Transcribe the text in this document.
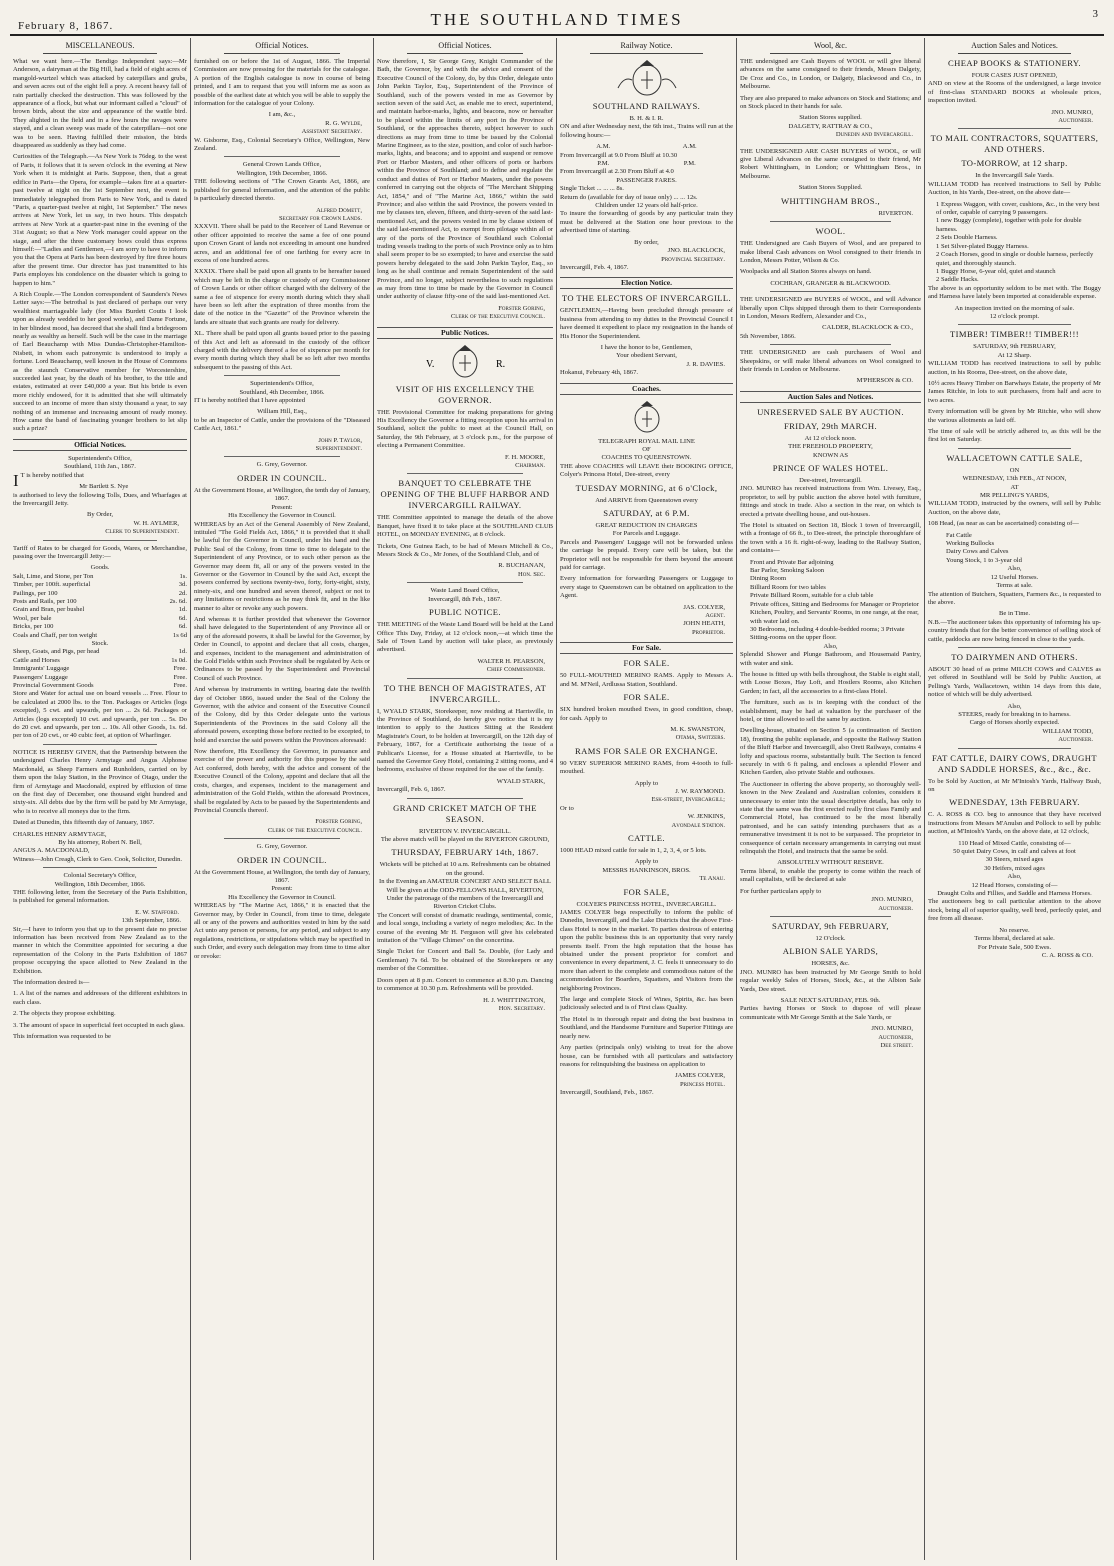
February 8, 1867.	THE SOUTHLAND TIMES	3
MISCELLANEOUS.

What we want here.—The Bendigo Independent says:—Mr Anderson, a dairyman at the Big Hill, had a field of eight acres of mangold-wurtzel which was attacked by caterpillars and grubs, and seven acres out of the eight fell a prey. A recent heavy fall of rain partially checked the destruction. This was followed by the appearance of a flock, but what our informant called a "cloud" of brown birds, about the size and appearance of the wattle bird. They alighted in the field and in a few hours the ravages were stayed, and a clean sweep was made of the caterpillars—not one was to be seen. Having fulfilled their mission, the birds disappeared as suddenly as they had come.

Curiosities of the Telegraph.—As New York is 76deg. to the west of Paris, it follows that it is seven o'clock in the evening at New York when it is midnight at Paris. Suppose, then, that a great edifice in Paris—the Opera, for example—takes fire at a quarter-past twelve at night on the 1st September next, the event is immediately telegraphed from Paris to New York, and is dated "Paris, a quarter-past twelve at night, 1st September." The news arrives at New York, let us say, in two hours. This despatch arrives at New York at a quarter-past nine in the evening of the 31st August; so that a New York manager could appear on the stage, and after the three customary bows could thus express himself:—"Ladies and Gentlemen,—I am sorry to have to inform you that the Opera at Paris has been destroyed by fire three hours after the present time. Our director has just transmitted to his Paris employes his condolence on the disaster which is going to happen to him."

A Rich Couple.—The London correspondent of Saunders's News Letter says:—The betrothal is just declared of perhaps our very wealthiest marriageable lady (for Miss Burdett Coutts I look upon as already wedded to her good works), and Dame Fortune, in her blindest mood, has decreed that she shall find a bridegroom nearly as wealthy as herself. Such will be the case in the marriage of Earl Beauchamp with Miss Dundas-Christopher-Hamilton-Nisbett, in whom each patronymic is understood to imply a fortune. Lord Beauchamp, well known in the House of Commons as the staunch Conservative member for Worcestershire, succeeded last year, by the death of his brother, to the title and estates, estimated at over £40,000 a year. But his bride is even more richly endowed, for it is admitted that she will ultimately succeed to an income of more than sixty thousand a year, to say nothing of an immense and increasing amount of ready money. How came the band of fascinating younger brothers to let slip such a prize?

Official Notices.
Superintendent's Office,
Southland, 11th Jan., 1867.

I T is hereby notified that

Mr Bartlett S. Nye

is authorised to levy the following Tolls, Dues, and Wharfages at the Invercargill Jetty.

By Order,
W. H. AYLMER,
Clerk to Superintendent.

Tariff of Rates to be charged for Goods, Wares, or Merchandise, passing over the Invercargill Jetty:—

Goods.
Salt, Lime, and Stone, per Ton	1s.
Timber, per 100ft. superficial	3d.
Pailings, per 100	2d.
Posts and Rails, per 100	2s. 6d.
Grain and Bran, per bushel	1d.
Wool, per bale	6d.
Bricks, per 100	6d.
Coals and Chaff, per ton weight	1s 6d
Stock.
Sheep, Goats, and Pigs, per head	1d.
Cattle and Horses	1s 0d.
Immigrants' Luggage	Free.
Passengers' Luggage	Free.
Provincial Government Goods	Free.

Store and Water for actual use on board vessels ... Free. Flour to be calculated at 2000 lbs. to the Ton. Packages or Articles (logs excepted), 5 cwt. and upwards, per ton ... 2s 6d. Packages or Articles (logs excepted) 10 cwt. and upwards, per ton ... 5s. Do do 20 cwt. and upwards, per ton ... 10s. All other Goods, 1s. 6d. per ton of 20 cwt., or 40 cubic feet, at option of Wharfinger.

NOTICE IS HEREBY GIVEN, that the Partnership between the undersigned Charles Henry Armytage and Angus Alphonse Macdonald, as Sheep Farmers and Runholders, carried on by them upon the Islay Station, in the Province of Otago, under the firm of Armytage and Macdonald, expired by effluxion of time on the first day of December, one thousand eight hundred and sixty-six. All debts due by the firm will be paid by Mr Armytage, who is to receive all moneys due to the firm.

Dated at Dunedin, this fifteenth day of January, 1867.

CHARLES HENRY ARMYTAGE,
By his attorney, Robert N. Bell,
ANGUS A. MACDONALD,

Witness—John Creagh, Clerk to Geo. Cook, Solicitor, Dunedin.

Colonial Secretary's Office,
Wellington, 18th December, 1866.

THE following letter, from the Secretary of the Paris Exhibition, is published for general information.

E. W. Stafford.
13th September, 1866.

Sir,—I have to inform you that up to the present date no precise information has been received from New Zealand as to the manner in which the Committee appointed for securing a due representation of the Colony in the Paris Exhibition of 1867 propose occupying the space allotted to New Zealand in the Exhibition.

The information desired is—

1. A list of the names and addresses of the different exhibitors in each class.

2. The objects they propose exhibiting.

3. The amount of space in superficial feet occupied in each glass.

This information was requested to be

Official Notices.

furnished on or before the 1st of August, 1866. The Imperial Commission are now pressing for the materials for the catalogue. A portion of the English catalogue is now in course of being printed, and I am to request that you will inform me as soon as possible of the earliest date at which you will be able to supply the information for the catalogue of your Colony.

I am, &c.,
R. G. Wylde,
Assistant Secretary.

W. Gisborne, Esq., Colonial Secretary's Office, Wellington, New Zealand.

General Crown Lands Office,
Wellington, 19th December, 1866.

THE following sections of "The Crown Grants Act, 1866, are published for general information, and the attention of the public is particularly directed thereto.

Alfred Domett,
Secretary for Crown Lands.

XXXVII. There shall be paid to the Receiver of Land Revenue or other officer appointed to receive the same a fee of one pound upon Crown Grant of lands not exceeding in amount one hundred acres, and an additional fee of one farthing for every acre in excess of one hundred acres.

XXXIX. There shall be paid upon all grants to be hereafter issued which may be left in the charge or custody of any Commissioner of Crown Lands or other officer charged with the delivery of the same a fee of sixpence for every month during which they shall have been so left after the expiration of three months from the date of the notice in the "Gazette" of the Province wherein the lands are situate that such grants are ready for delivery.

XL. There shall be paid upon all grants issued prior to the passing of this Act and left as aforesaid in the custody of the officer charged with the delivery thereof a fee of sixpence per month for every month during which they shall be so left after two months subsequent to the passing of this Act.

Superintendent's Office,
Southland, 4th December, 1866.

IT is hereby notified that I have appointed

William Hill, Esq.,

to be an Inspector of Cattle, under the provisions of the "Diseased Cattle Act, 1861."

John P. Taylor,
Superintendent.
G. Grey, Governor.
ORDER IN COUNCIL.
At the Government House, at Wellington, the tenth day of January, 1867.
Present:
His Excellency the Governor in Council.

WHEREAS by an Act of the General Assembly of New Zealand, intituled "The Gold Fields Act, 1866," it is provided that it shall be lawful for the Governor in Council, under his hand and the Public Seal of the Colony, from time to time to delegate to the Superintendent of any Province, or to such other person as the Governor may deem fit, all or any of the powers vested in the Governor or the Governor in Council by the said Act, except the powers conferred by sections twenty-two, forty, forty-eight, sixty, ninety-six, and one hundred and seven thereof, subject or not to any limitations or restrictions as he may think fit, and in the like manner to alter or revoke any such powers.

And whereas it is further provided that whenever the Governor shall have delegated to the Superintendent of any Province all or any of the aforesaid powers, it shall be lawful for the Governor, by Order in Council, to appoint and declare that all costs, charges, and expenses, incident to the management and administration of the Gold Fields within such Province shall be regulated by Acts or Ordinances to be passed by the Superintendent and Provincial Council of such Province.

And whereas by instruments in writing, bearing date the twelfth day of October 1866, issued under the Seal of the Colony the Governor, with the advice and consent of the Executive Council of the Colony, did by this Order delegate unto the various Superintendents of the Provinces in the said Colony all the aforesaid powers, excepting those before recited to be excepted, to hold and exercise the said powers within the Provinces aforesaid:

Now therefore, His Excellency the Governor, in pursuance and exercise of the power and authority for this purpose by the said Act conferred, doth hereby, with the advice and consent of the Executive Council of the Colony, appoint and declare that all the costs, charges, and expenses, incident to the management and administration of the Gold Fields, within the aforesaid Provinces, shall be regulated by Acts to be passed by the Superintendents and Provincial Councils thereof.

Forster Goring,
Clerk of the Executive Council.
G. Grey, Governor.
ORDER IN COUNCIL.
At the Government House, at Wellington, the tenth day of January, 1867.
Present:
His Excellency the Governor in Council.

WHEREAS by "The Marine Act, 1866," it is enacted that the Governor may, by Order in Council, from time to time, delegate all or any of the powers and authorities vested in him by the said Act unto any person or persons, for any period, and subject to any regulations, restrictions, or stipulations which may be specified in such Order, and every such delegation may from time to time alter or revoke:

Official Notices.

Now therefore, I, Sir George Grey, Knight Commander of the Bath, the Governor, by and with the advice and consent of the Executive Council of the Colony, do, by this Order, delegate unto John Parkin Taylor, Esq., Superintendent of the Province of Southland, such of the powers vested in me as Governor by section seven of the said Act, as enable me to erect, superintend, and maintain harbor-marks, lights, and beacons, now or hereafter to be placed within the limits of any port in the Province of Southland, or the approaches thereto, subject however to such directions as may from time to time be issued by the Colonial Marine Engineer, as to the size, position, and color of such harbor-marks, lights, and beacons; and to appoint and suspend or remove Port or Harbor Masters, and other officers of ports or harbors within the Province of Southland; and to define and regulate the conduct and duties of Port or Harbor Masters, under the powers conferred in carrying out the objects of "The Merchant Shipping Act, 1854," and of "The Marine Act, 1866," within the said Province; and also within the said Province, the powers vested in me by clauses ten, eleven, fifteen, and thirty-seven of the said last-mentioned Act, and the powers vested in me by clause sixteen of the said last-mentioned Act, to exempt from pilotage within all or any of the ports of the Province of Southland such Colonial trading vessels trading to the ports of such Province only as to him shall seem proper to be so exempted; to have and exercise the said powers hereby delegated to the said John Parkin Taylor, Esq., so long as he shall continue and remain Superintendent of the said Province, and no longer, subject nevertheless to such regulations as may from time to time be made by the Governor in Council under authority of clause fifty-one of the said last-mentioned Act.

Forster Goring,
Clerk of the Executive Council.
Public Notices.
V.	R.
VISIT OF HIS EXCELLENCY THE GOVERNOR.

THE Provisional Committee for making preparations for giving His Excellency the Governor a fitting reception upon his arrival in Southland, solicit the public to meet at the Council Hall, on Saturday, the 9th February, at 3 o'clock p.m., for the purpose of electing a Permanent Committee.

F. H. MOORE,
Chairman.
BANQUET TO CELEBRATE THE OPENING OF THE BLUFF HARBOR AND INVERCARGILL RAILWAY.

THE Committee appointed to manage the details of the above Banquet, have fixed it to take place at the SOUTHLAND CLUB HOTEL, on MONDAY EVENING, at 8 o'clock.

Tickets, One Guinea Each, to be had of Messrs Mitchell & Co., Messrs Stock & Co., Mr Jones, of the Southland Club, and of

R. BUCHANAN,
Hon. Sec.
Waste Land Board Office,
Invercargill, 8th Feb., 1867.
PUBLIC NOTICE.

THE MEETING of the Waste Land Board will be held at the Land Office This Day, Friday, at 12 o'clock noon,—at which time the Sale of Town Land by auction will take place, as previously advertised.

WALTER H. PEARSON,
Chief Commissioner.
TO THE BENCH OF MAGISTRATES, AT INVERCARGILL.

I, WYALD STARK, Storekeeper, now residing at Harrisville, in the Province of Southland, do hereby give notice that it is my intention to apply to the Justices Sitting at the Resident Magistrate's Court, to be holden at Invercargill, on the 12th day of February, 1867, for a Certificate authorising the issue of a Publican's License, for a House situated at Harrisville, to be named the Governor Grey Hotel, containing 2 sitting rooms, and 4 bedrooms, exclusive of those required for the use of the family.

WYALD STARK,
Invercargill, Feb. 6, 1867.
GRAND CRICKET MATCH OF THE SEASON.
RIVERTON V. INVERCARGILL.
The above match will be played on the RIVERTON GROUND,
THURSDAY, FEBRUARY 14th, 1867.
Wickets will be pitched at 10 a.m. Refreshments can be obtained on the ground.
In the Evening an AMATEUR CONCERT AND SELECT BALL
Will be given at the ODD-FELLOWS HALL, RIVERTON,
Under the patronage of the members of the Invercargill and Riverton Cricket Clubs.

The Concert will consist of dramatic readings, sentimental, comic, and local songs, including a variety of negro melodies; &c. In the course of the evening Mr H. Ferguson will give his celebrated imitation of the "Village Chimes" on the concertina.

Single Ticket for Concert and Ball 5s. Double, (for Lady and Gentleman) 7s 6d. To be obtained of the Storekeepers or any member of the Committee.

Doors open at 8 p.m. Concert to commence at 8.30 p.m. Dancing to commence at 10.30 p.m. Refreshments will be provided.

H. J. WHITTINGTON,
Hon. Secretary.
Railway Notice.
SOUTHLAND RAILWAYS.
B. H. & I. R.

ON and after Wednesday next, the 6th inst., Trains will run at the following hours:—

A.M.	A.M.
From Invercargill at 9.0 From Bluff at 10.30
P.M.	P.M.
From Invercargill at 2.30 From Bluff at 4.0
PASSENGER FARES.
Single Ticket ... ... ... 8s.
Return do (available for day of issue only) ... ... 12s.
Children under 12 years old half-price.

To insure the forwarding of goods by any particular train they must be delivered at the Station one hour previous to the advertised time of starting.

By order,
JNO. BLACKLOCK,
Provincial Secretary.
Invercargill, Feb. 4, 1867.
Election Notice.
TO THE ELECTORS OF INVERCARGILL.

GENTLEMEN,—Having been precluded through pressure of business from attending to my duties in the Provincial Council I have deemed it expedient to place my resignation in the hands of His Honor the Superintendent.

I have the honor to be, Gentlemen,
Your obedient Servant,
J. R. DAVIES.
Hokanui, February 4th, 1867.
Coaches.
TELEGRAPH ROYAL MAIL LINE
OF
COACHES TO QUEENSTOWN.

THE above COACHES will LEAVE their BOOKING OFFICE, Colyer's Princess Hotel, Dee-street, every

TUESDAY MORNING, at 6 o'Clock,
And ARRIVE from Queenstown every
SATURDAY, at 6 P.M.
GREAT REDUCTION IN CHARGES
For Parcels and Luggage.

Parcels and Passengers' Luggage will not be forwarded unless the carriage be prepaid. Every care will be taken, but the Proprietor will not be responsible for them beyond the amount paid for carriage.

Every information for forwarding Passengers or Luggage to every stage to Queenstown can be obtained on application to the Agent.

JAS. COLYER,
Agent.
JOHN HEATH,
Proprietor.
For Sale.
FOR SALE.

50 FULL-MOUTHED MERINO RAMS. Apply to Messrs A. and M. M'Neil, Ardlussa Station, Southland.

FOR SALE.

SIX hundred broken mouthed Ewes, in good condition, cheap, for cash. Apply to

M. K. SWANSTON,
Otama, Switzers.
RAMS FOR SALE OR EXCHANGE.

90 VERY SUPERIOR MERINO RAMS, from 4-tooth to full-mouthed.

Apply to
J. W. RAYMOND.
Esk-street, Invercargill;
Or to
W. JENKINS,
Avondale Station.
CATTLE.

1000 HEAD mixed cattle for sale in 1, 2, 3, 4, or 5 lots.

Apply to
MESSRS HANKINSON, BROS.
Te Anau.
FOR SALE,
COLYER'S PRINCESS HOTEL, INVERCARGILL.

JAMES COLYER begs respectfully to inform the public of Dunedin, Invercargill, and the Lake Districts that the above First-class Hotel is now in the market. To parties desirous of entering upon the public business this is an opportunity that very rarely presents itself. From the high reputation that the house has obtained under the present proprietor for comfort and convenience in every department, J. C. feels it unnecessary to do more than advert to the complete and commodious nature of the accommodation for Boarders, Squatters, and Visitors from the neighboring Provinces.

The large and complete Stock of Wines, Spirits, &c. has been judiciously selected and is of First class Quality.

The Hotel is in thorough repair and doing the best business in Southland, and the Handsome Furniture and Superior Fittings are nearly new.

Any parties (principals only) wishing to treat for the above house, can be furnished with all particulars and satisfactory reasons for relinquishing the business on application to

JAMES COLYER,
Princess Hotel.
Invercargill, Southland, Feb., 1867.
Wool, &c.

THE undersigned are Cash Buyers of WOOL or will give liberal advances on the same consigned to their friends, Messrs Dalgety, De Croz and Co., in London, or Dalgety, Blackwood and Co., in Melbourne.

They are also prepared to make advances on Stock and Stations; and on Stock placed in their hands for sale.

Station Stores supplied.
DALGETY, RATTRAY & CO.,
Dunedin and Invercargill.

THE UNDERSIGNED ARE CASH BUYERS of WOOL, or will give Liberal Advances on the same consigned to their friend, Mr Robert Whittingham, in London; or Whittingham Bros., in Melbourne.

Station Stores Supplied.
WHITTINGHAM BROS.,
RIVERTON.
WOOL.

THE Undersigned are Cash Buyers of Wool, and are prepared to make liberal Cash advances on Wool consigned to their friends in London, Messrs Potter, Wilson & Co.

Woolpacks and all Station Stores always on hand.

COCHRAN, GRANGER & BLACKWOOD.

THE UNDERSIGNED are BUYERS of WOOL, and will Advance liberally upon Clips shipped through them to their Correspondents in London, Messrs Redfern, Alexander and Co.,

CALDER, BLACKLOCK & CO.,
5th November, 1866.

THE UNDERSIGNED are cash purchasers of Wool and Sheepskins, or will make liberal advances on Wool consigned to their friends in London or Melbourne.

M'PHERSON & CO.
Auction Sales and Notices.
UNRESERVED SALE BY AUCTION.
FRIDAY, 29th MARCH.
At 12 o'clock noon.
THE FREEHOLD PROPERTY,
KNOWN AS
PRINCE OF WALES HOTEL.
Dee-street, Invercargill.

JNO. MUNRO has received instructions from Wm. Livesey, Esq., proprietor, to sell by public auction the above hotel with furniture, fittings and stock in trade. Also a section in the rear, on which is erected a private dwelling house, and out-houses.

The Hotel is situated on Section 18, Block 1 town of Invercargill, with a frontage of 66 ft., to Dee-street, the principle thoroughfare of the town with a 16 ft. right-of-way, leading to the Railway Station, and contains—

Front and Private Bar adjoining
Bar Parlor, Smoking Saloon
Dining Room
Billiard Room for two tables
Private Billiard Room, suitable for a club table
Private offices, Sitting and Bedrooms for Manager or Proprietor
Kitchen, Poultry, and Servants' Rooms, in one range, at the rear, with water laid on.
30 Bedrooms, including 4 double-bedded rooms; 3 Private Sitting-rooms on the upper floor.
Also,

Splendid Shower and Plunge Bathroom, and Housemaid Pantry, with water and sink.

The house is fitted up with bells throughout, the Stable is eight stall, with Loose Boxes, Hay Loft, and Hostlers Rooms, also Kitchen Garden; in fact, all the accessories to a first-class Hotel.

The furniture, such as is in keeping with the conduct of the establishment, may be had at valuation by the purchaser of the hotel, or time allowed to sell the same by auction.

Dwelling-house, situated on Section 5 (a continuation of Section 18), fronting the public esplanade, and opposite the Railway Station of the Bluff Harbor and Invercargill, also Oreti Railways, contains 4 lofty and spacious rooms, substantially built. The Section is fenced securely in with 6 ft paling, and encloses a splendid Flower and Kitchen Garden, also private Stable and outhouses.

The Auctioneer in offering the above property, so thoroughly well-known in the New Zealand and Australian colonies, considers it unnecessary to enter into the usual descriptive details, has only to state that the same was the first erected really first class Family and Commercial Hotel, has continued to be the most liberally patronised, and he can satisfy intending purchasers that as a remunerative investment it is not to be surpassed. The proprietor in consequence of certain necessary arrangements in carrying out must relinquish the Hotel, and instructs that the same be sold.

ABSOLUTELY WITHOUT RESERVE.

Terms liberal, to enable the property to come within the reach of small capitalists, will be declared at sale

For further particulars apply to
JNO. MUNRO,
Auctioneer.
SATURDAY, 9th FEBRUARY,
12 O'clock.
ALBION SALE YARDS,
HORSES, &c.

JNO. MUNRO has been instructed by Mr George Smith to hold regular weekly Sales of Horses, Stock, &c., at the Albion Sale Yards, Dee street.

SALE NEXT SATURDAY, FEB. 9th.

Parties having Horses or Stock to dispose of will please communicate with Mr George Smith at the Sale Yards, or

JNO. MUNRO,
Auctioneer,
Dee street.
Auction Sales and Notices.
CHEAP BOOKS & STATIONERY.
FOUR CASES JUST OPENED,

AND on view at the Rooms of the undersigned, a large invoice of first-class STANDARD BOOKS at wholesale prices, inspection invited.

JNO. MUNRO,
Auctioneer.
TO MAIL CONTRACTORS, SQUATTERS, AND OTHERS.
TO-MORROW, at 12 sharp.
In the Invercargill Sale Yards.

WILLIAM TODD has received instructions to Sell by Public Auction, in his Yards, Dee-street, on the above date—

1 Express Waggon, with cover, cushions, &c., in the very best of order, capable of carrying 9 passengers.
1 new Buggy (complete), together with pole for double harness.
2 Sets Double Harness.
1 Set Silver-plated Buggy Harness.
2 Coach Horses, good in single or double harness, perfectly quiet, and thoroughly staunch.
1 Buggy Horse, 6-year old, quiet and staunch
2 Saddle Hacks.

The above is an opportunity seldom to be met with. The Buggy and Harness have lately been imported at considerable expense.

An inspection invited on the morning of sale.
12 o'clock prompt.
TIMBER! TIMBER!! TIMBER!!!
SATURDAY, 9th FEBRUARY,
At 12 Sharp.

WILLIAM TODD has received instructions to sell by public auction, in his Rooms, Dee-street, on the above date,

10½ acres Heavy Timber on Barwhays Estate, the property of Mr James Ritchie, in lots to suit purchasers, from half and acre to two acres.

Every information will be given by Mr Ritchie, who will show the various allotments as laid off.

The time of sale will be strictly adhered to, as this will be the first lot on Saturday.

WALLACETOWN CATTLE SALE,
ON
WEDNESDAY, 13th FEB., AT NOON,
AT
MR PELLING'S YARDS,

WILLIAM TODD, instructed by the owners, will sell by Public Auction, on the above date,

108 Head, (as near as can be ascertained) consisting of—

Fat Cattle
Working Bullocks
Dairy Cows and Calves
Young Stock, 1 to 3-year old
Also,
12 Useful Horses.
Terms at sale.

The attention of Butchers, Squatters, Farmers &c., is requested to the above.

Be in Time.

N.B.—The auctioneer takes this opportunity of informing his up-country friends that for the better convenience of selling stock of cattle, paddocks are now being fenced in close to the yards.

TO DAIRYMEN AND OTHERS.

ABOUT 30 head of as prime MILCH COWS and CALVES as yet offered in Southland will be Sold by Public Auction, at Pelling's Yards, Wallacetown, within 14 days from this date, notice of which will be duly advertised.

Also,
STEERS, ready for breaking in to harness.
Cargo of Horses shortly expected.
WILLIAM TODD,
Auctioneer.
FAT CATTLE, DAIRY COWS, DRAUGHT AND SADDLE HORSES, &c., &c., &c.

To be Sold by Auction, at Mr M'Intosh's Yards, Halfway Bush, on

WEDNESDAY, 13th FEBRUARY.

C. A. ROSS & CO. beg to announce that they have received instructions from Messrs M'Anulsn and Pollock to sell by public auction, at M'Intosh's Yards, on the above date, at 12 o'clock,

110 Head of Mixed Cattle, consisting of—
50 quiet Dairy Cows, in calf and calves at foot
30 Steers, mixed ages
30 Heifers, mixed ages
Also,
12 Head Horses, consisting of—
Draught Colts and Fillies, and Saddle and Harness Horses.

The auctioneers beg to call particular attention to the above stock, being all of superior quality, well bred, perfectly quiet, and free from all disease.

No reserve.
Terms liberal, declared at sale.
For Private Sale, 500 Ewes.
C. A. ROSS & CO.
